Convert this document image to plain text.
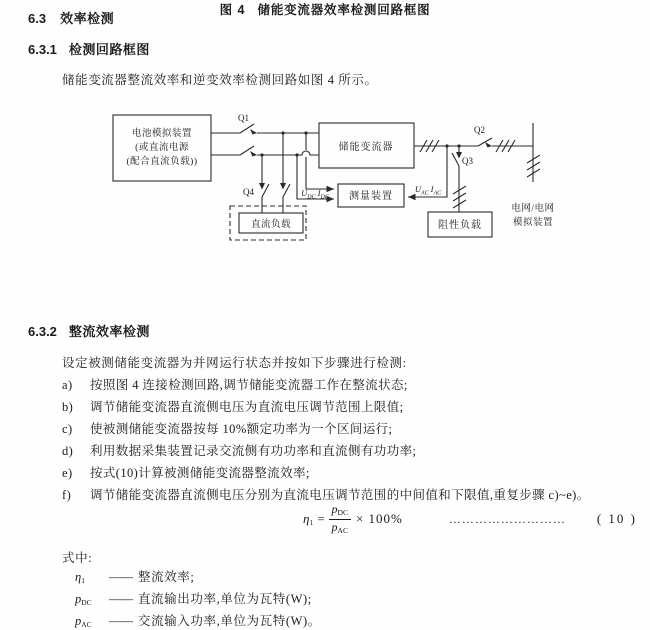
6.3 效率检测
6.3.1 检测回路框图
储能变流器整流效率和逆变效率检测回路如图 4 所示。
电池模拟装置
(或直流电源
(配合直流负载))
储能变流器
测量装置
直流负载	阻性负载
电网/电网
模拟装置
Q1
Q2
Q3
Q4	$U_{DC}$ $I_{DC}$
$U_{AC}$ $I_{AC}$
图 4 储能变流器效率检测回路框图
6.3.2 整流效率检测
设定被测储能变流器为并网运行状态并按如下步骤进行检测:
a) 按照图 4 连接检测回路,调节储能变流器工作在整流状态;
b) 调节储能变流器直流侧电压为直流电压调节范围上限值;
c) 使被测储能变流器按每 10%额定功率为一个区间运行;
d) 利用数据采集装置记录交流侧有功功率和直流侧有功功率;
e) 按式(10)计算被测储能变流器整流效率;
f) 调节储能变流器直流侧电压分别为直流电压调节范围的中间值和下限值,重复步骤 c)~e)。
$\eta_1 = \frac{p_{DC}}{p_{AC}} \times 100\%$	………………………	( 10 )
式中:
$\eta_1$ —— 整流效率;
$p_{DC}$ —— 直流输出功率,单位为瓦特(W);
$p_{AC}$ —— 交流输入功率,单位为瓦特(W)。
